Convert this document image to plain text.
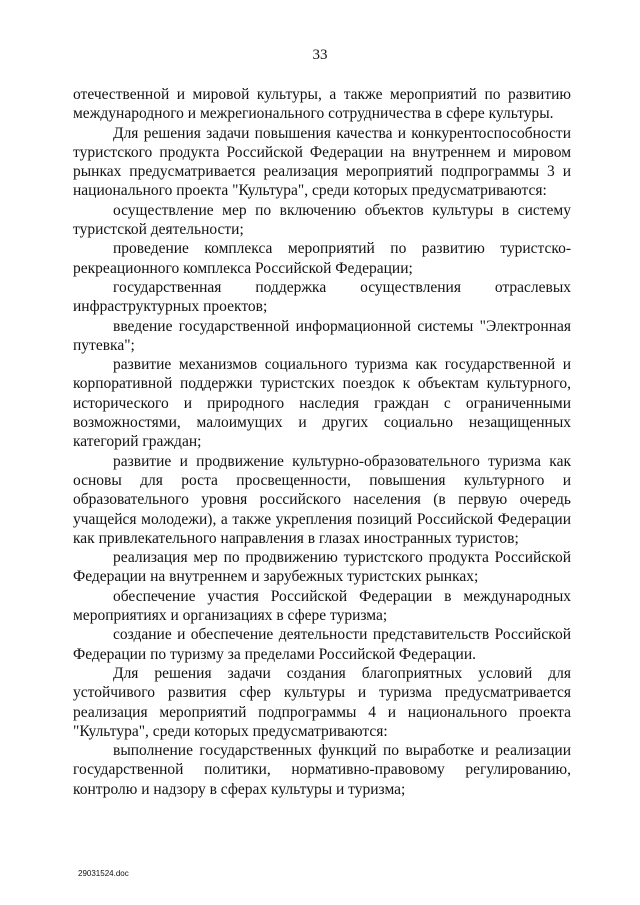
33

отечественной и мировой культуры, а также мероприятий по развитию международного и межрегионального сотрудничества в сфере культуры.

Для решения задачи повышения качества и конкурентоспособности туристского продукта Российской Федерации на внутреннем и мировом рынках предусматривается реализация мероприятий подпрограммы 3 и национального проекта "Культура", среди которых предусматриваются:

осуществление мер по включению объектов культуры в систему туристской деятельности;

проведение комплекса мероприятий по развитию туристско-рекреационного комплекса Российской Федерации;

государственная поддержка осуществления отраслевых инфраструктурных проектов;

введение государственной информационной системы "Электронная путевка";

развитие механизмов социального туризма как государственной и корпоративной поддержки туристских поездок к объектам культурного, исторического и природного наследия граждан с ограниченными возможностями, малоимущих и других социально незащищенных категорий граждан;

развитие и продвижение культурно-образовательного туризма как основы для роста просвещенности, повышения культурного и образовательного уровня российского населения (в первую очередь учащейся молодежи), а также укрепления позиций Российской Федерации как привлекательного направления в глазах иностранных туристов;

реализация мер по продвижению туристского продукта Российской Федерации на внутреннем и зарубежных туристских рынках;

обеспечение участия Российской Федерации в международных мероприятиях и организациях в сфере туризма;

создание и обеспечение деятельности представительств Российской Федерации по туризму за пределами Российской Федерации.

Для решения задачи создания благоприятных условий для устойчивого развития сфер культуры и туризма предусматривается реализация мероприятий подпрограммы 4 и национального проекта "Культура", среди которых предусматриваются:

выполнение государственных функций по выработке и реализации государственной политики, нормативно-правовому регулированию, контролю и надзору в сферах культуры и туризма;

29031524.doc
